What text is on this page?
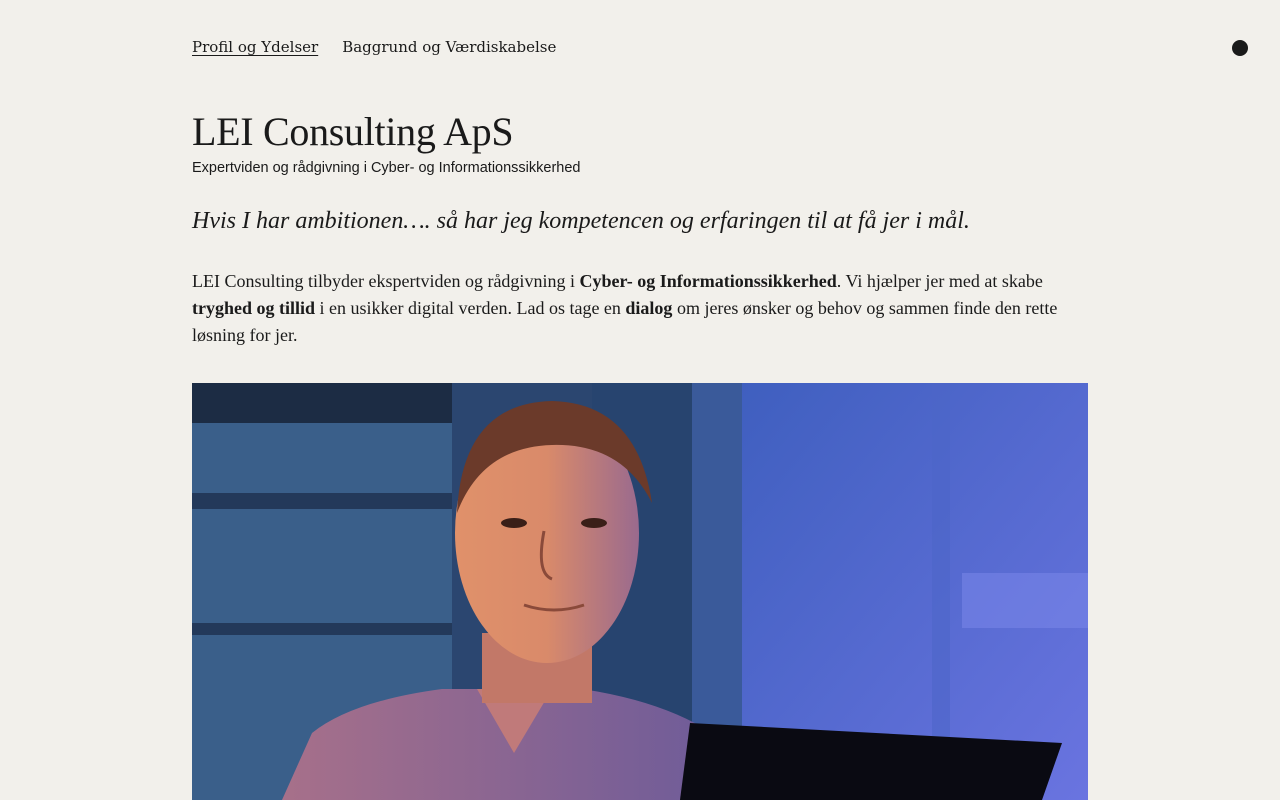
Profil og Ydelser Baggrund og Værdiskabelse
LEI Consulting ApS

Expertviden og rådgivning i Cyber- og Informationssikkerhed

Hvis I har ambitionen…. så har jeg kompetencen og erfaringen til at få jer i mål.

LEI Consulting tilbyder ekspertviden og rådgivning i Cyber- og Informationssikkerhed. Vi hjælper jer med at skabe tryghed og tillid i en usikker digital verden. Lad os tage en dialog om jeres ønsker og behov og sammen finde den rette løsning for jer.
